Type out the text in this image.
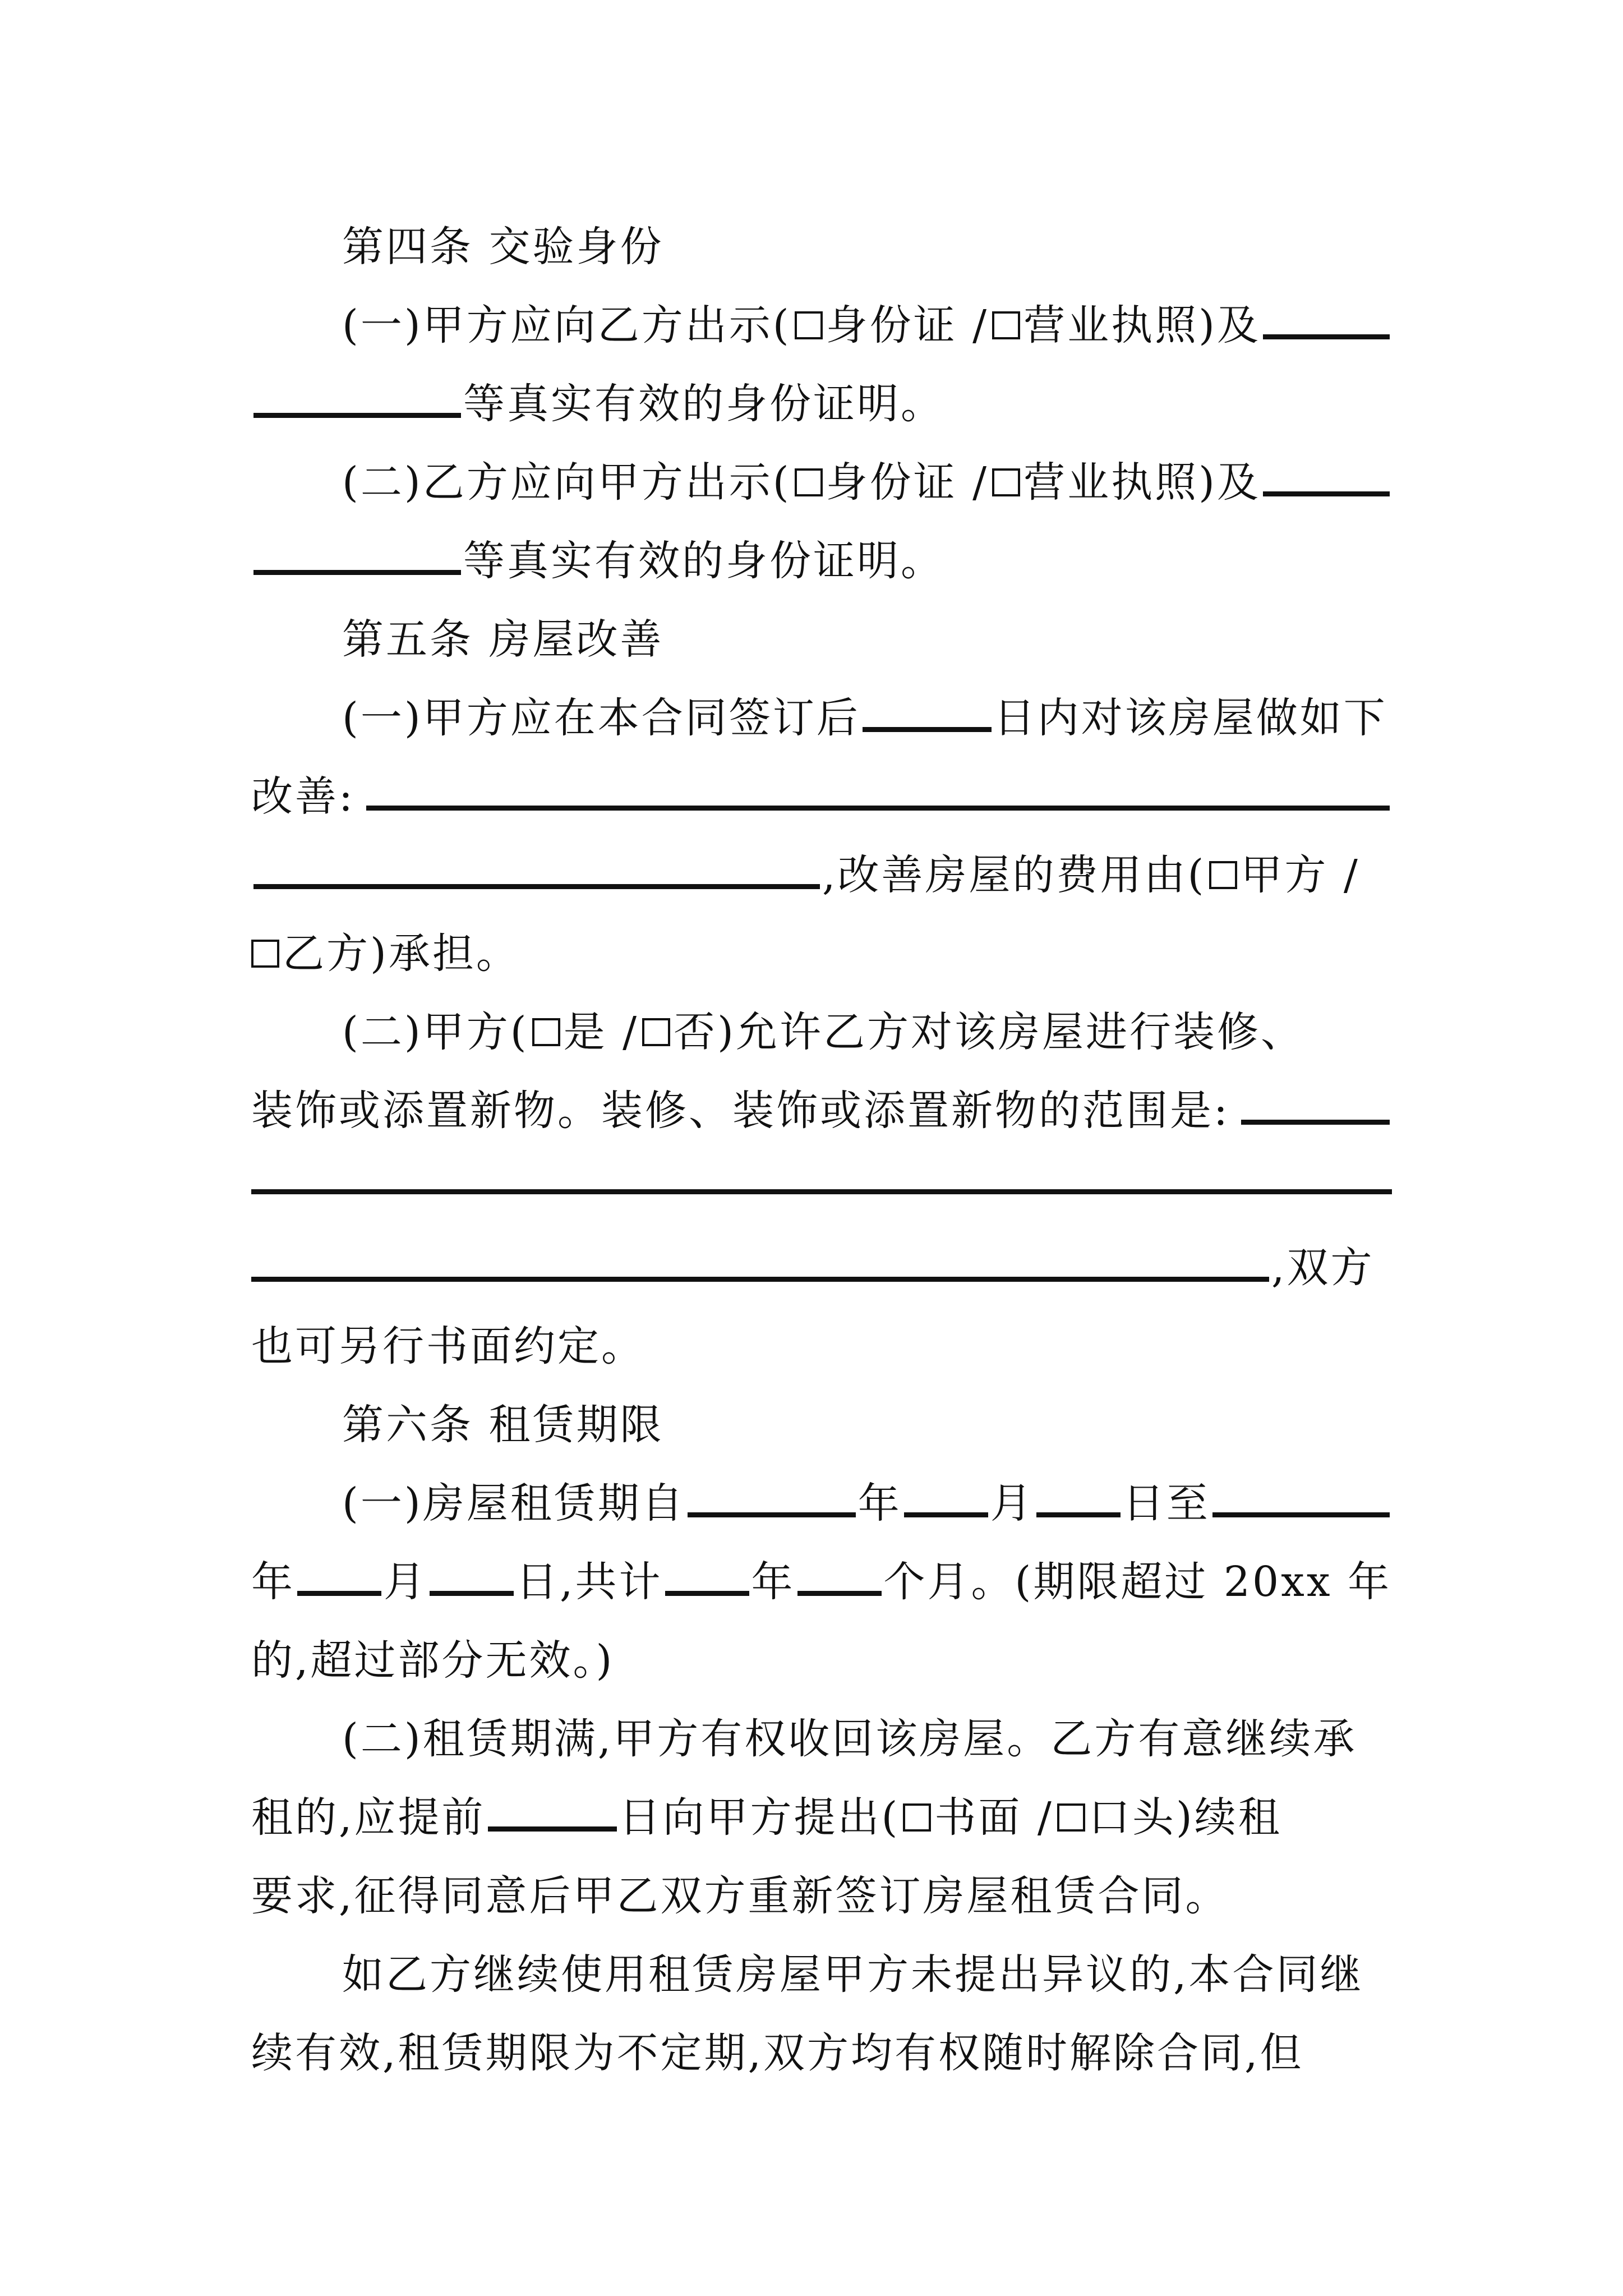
第四条 交验身份
(一)甲方应向乙方出示( 身份证 / 营业执照)及
等真实有效的身份证明。
(二)乙方应向甲方出示( 身份证 / 营业执照)及
等真实有效的身份证明。
第五条 房屋改善
(一)甲方应在本合同签订后	日内对该房屋做如下
改善:
,改善房屋的费用由( 甲方 /
乙方)承担。
(二)甲方( 是 / 否)允许乙方对该房屋进行装修、
装饰或添置新物。装修、装饰或添置新物的范围是:
,双方
也可另行书面约定。
第六条 租赁期限
(一)房屋租赁期自	年 月 日至
年 月 日,共计 年 个月。(期限超过 20xx 年
的,超过部分无效。)
(二)租赁期满,甲方有权收回该房屋。乙方有意继续承
租的,应提前	日向甲方提出( 书面 / 口头)续租
要求,征得同意后甲乙双方重新签订房屋租赁合同。
如乙方继续使用租赁房屋甲方未提出异议的,本合同继
续有效,租赁期限为不定期,双方均有权随时解除合同,但
